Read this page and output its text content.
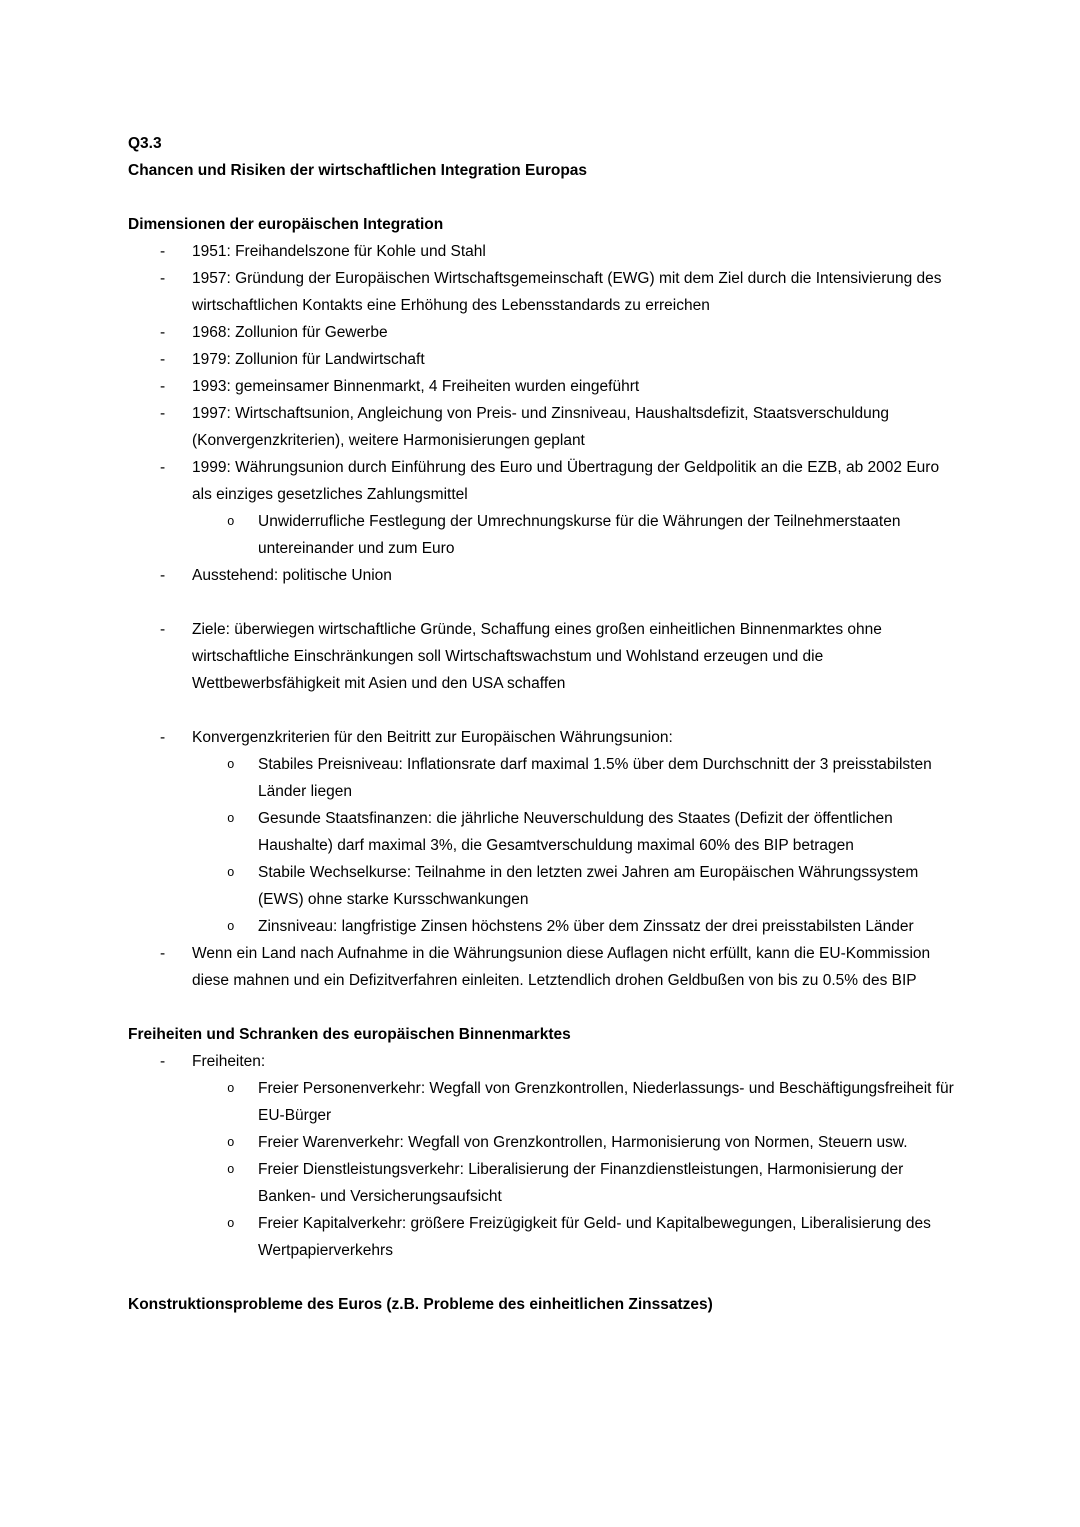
Q3.3
Chancen und Risiken der wirtschaftlichen Integration Europas
Dimensionen der europäischen Integration
- 1951: Freihandelszone für Kohle und Stahl
- 1957: Gründung der Europäischen Wirtschaftsgemeinschaft (EWG) mit dem Ziel durch die Intensivierung des wirtschaftlichen Kontakts eine Erhöhung des Lebensstandards zu erreichen
- 1968: Zollunion für Gewerbe
- 1979: Zollunion für Landwirtschaft
- 1993: gemeinsamer Binnenmarkt, 4 Freiheiten wurden eingeführt
- 1997: Wirtschaftsunion, Angleichung von Preis- und Zinsniveau, Haushaltsdefizit, Staatsverschuldung (Konvergenzkriterien), weitere Harmonisierungen geplant
- 1999: Währungsunion durch Einführung des Euro und Übertragung der Geldpolitik an die EZB, ab 2002 Euro als einziges gesetzliches Zahlungsmittel
o Unwiderrufliche Festlegung der Umrechnungskurse für die Währungen der Teilnehmerstaaten untereinander und zum Euro
- Ausstehend: politische Union
- Ziele: überwiegen wirtschaftliche Gründe, Schaffung eines großen einheitlichen Binnenmarktes ohne wirtschaftliche Einschränkungen soll Wirtschaftswachstum und Wohlstand erzeugen und die Wettbewerbsfähigkeit mit Asien und den USA schaffen
- Konvergenzkriterien für den Beitritt zur Europäischen Währungsunion:
o Stabiles Preisniveau: Inflationsrate darf maximal 1.5% über dem Durchschnitt der 3 preisstabilsten Länder liegen
o Gesunde Staatsfinanzen: die jährliche Neuverschuldung des Staates (Defizit der öffentlichen Haushalte) darf maximal 3%, die Gesamtverschuldung maximal 60% des BIP betragen
o Stabile Wechselkurse: Teilnahme in den letzten zwei Jahren am Europäischen Währungssystem (EWS) ohne starke Kursschwankungen
o Zinsniveau: langfristige Zinsen höchstens 2% über dem Zinssatz der drei preisstabilsten Länder
- Wenn ein Land nach Aufnahme in die Währungsunion diese Auflagen nicht erfüllt, kann die EU-Kommission diese mahnen und ein Defizitverfahren einleiten. Letztendlich drohen Geldbußen von bis zu 0.5% des BIP
Freiheiten und Schranken des europäischen Binnenmarktes
- Freiheiten:
o Freier Personenverkehr: Wegfall von Grenzkontrollen, Niederlassungs- und Beschäftigungsfreiheit für EU-Bürger
o Freier Warenverkehr: Wegfall von Grenzkontrollen, Harmonisierung von Normen, Steuern usw.
o Freier Dienstleistungsverkehr: Liberalisierung der Finanzdienstleistungen, Harmonisierung der Banken- und Versicherungsaufsicht
o Freier Kapitalverkehr: größere Freizügigkeit für Geld- und Kapitalbewegungen, Liberalisierung des Wertpapierverkehrs
Konstruktionsprobleme des Euros (z.B. Probleme des einheitlichen Zinssatzes)
